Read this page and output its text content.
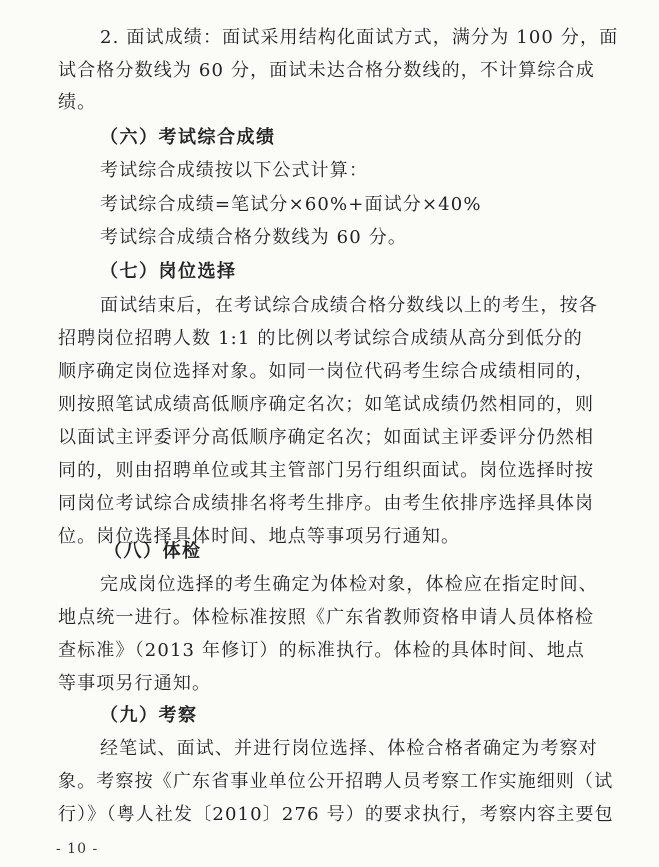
2. 面试成绩：面试采用结构化面试方式，满分为 100 分，面
试合格分数线为 60 分，面试未达合格分数线的，不计算综合成
绩。
（六）考试综合成绩
考试综合成绩按以下公式计算：
考试综合成绩=笔试分×60%+面试分×40%
考试综合成绩合格分数线为 60 分。
（七）岗位选择
面试结束后，在考试综合成绩合格分数线以上的考生，按各
招聘岗位招聘人数 1:1 的比例以考试综合成绩从高分到低分的
顺序确定岗位选择对象。如同一岗位代码考生综合成绩相同的，
则按照笔试成绩高低顺序确定名次；如笔试成绩仍然相同的，则
以面试主评委评分高低顺序确定名次；如面试主评委评分仍然相
同的，则由招聘单位或其主管部门另行组织面试。岗位选择时按
同岗位考试综合成绩排名将考生排序。由考生依排序选择具体岗
位。岗位选择具体时间、地点等事项另行通知。
（八）体检
完成岗位选择的考生确定为体检对象，体检应在指定时间、
地点统一进行。体检标准按照《广东省教师资格申请人员体格检
查标准》（2013 年修订）的标准执行。体检的具体时间、地点
等事项另行通知。
（九）考察
经笔试、面试、并进行岗位选择、体检合格者确定为考察对
象。考察按《广东省事业单位公开招聘人员考察工作实施细则（试
行）》（粤人社发〔2010〕276 号）的要求执行，考察内容主要包
- 10 -
